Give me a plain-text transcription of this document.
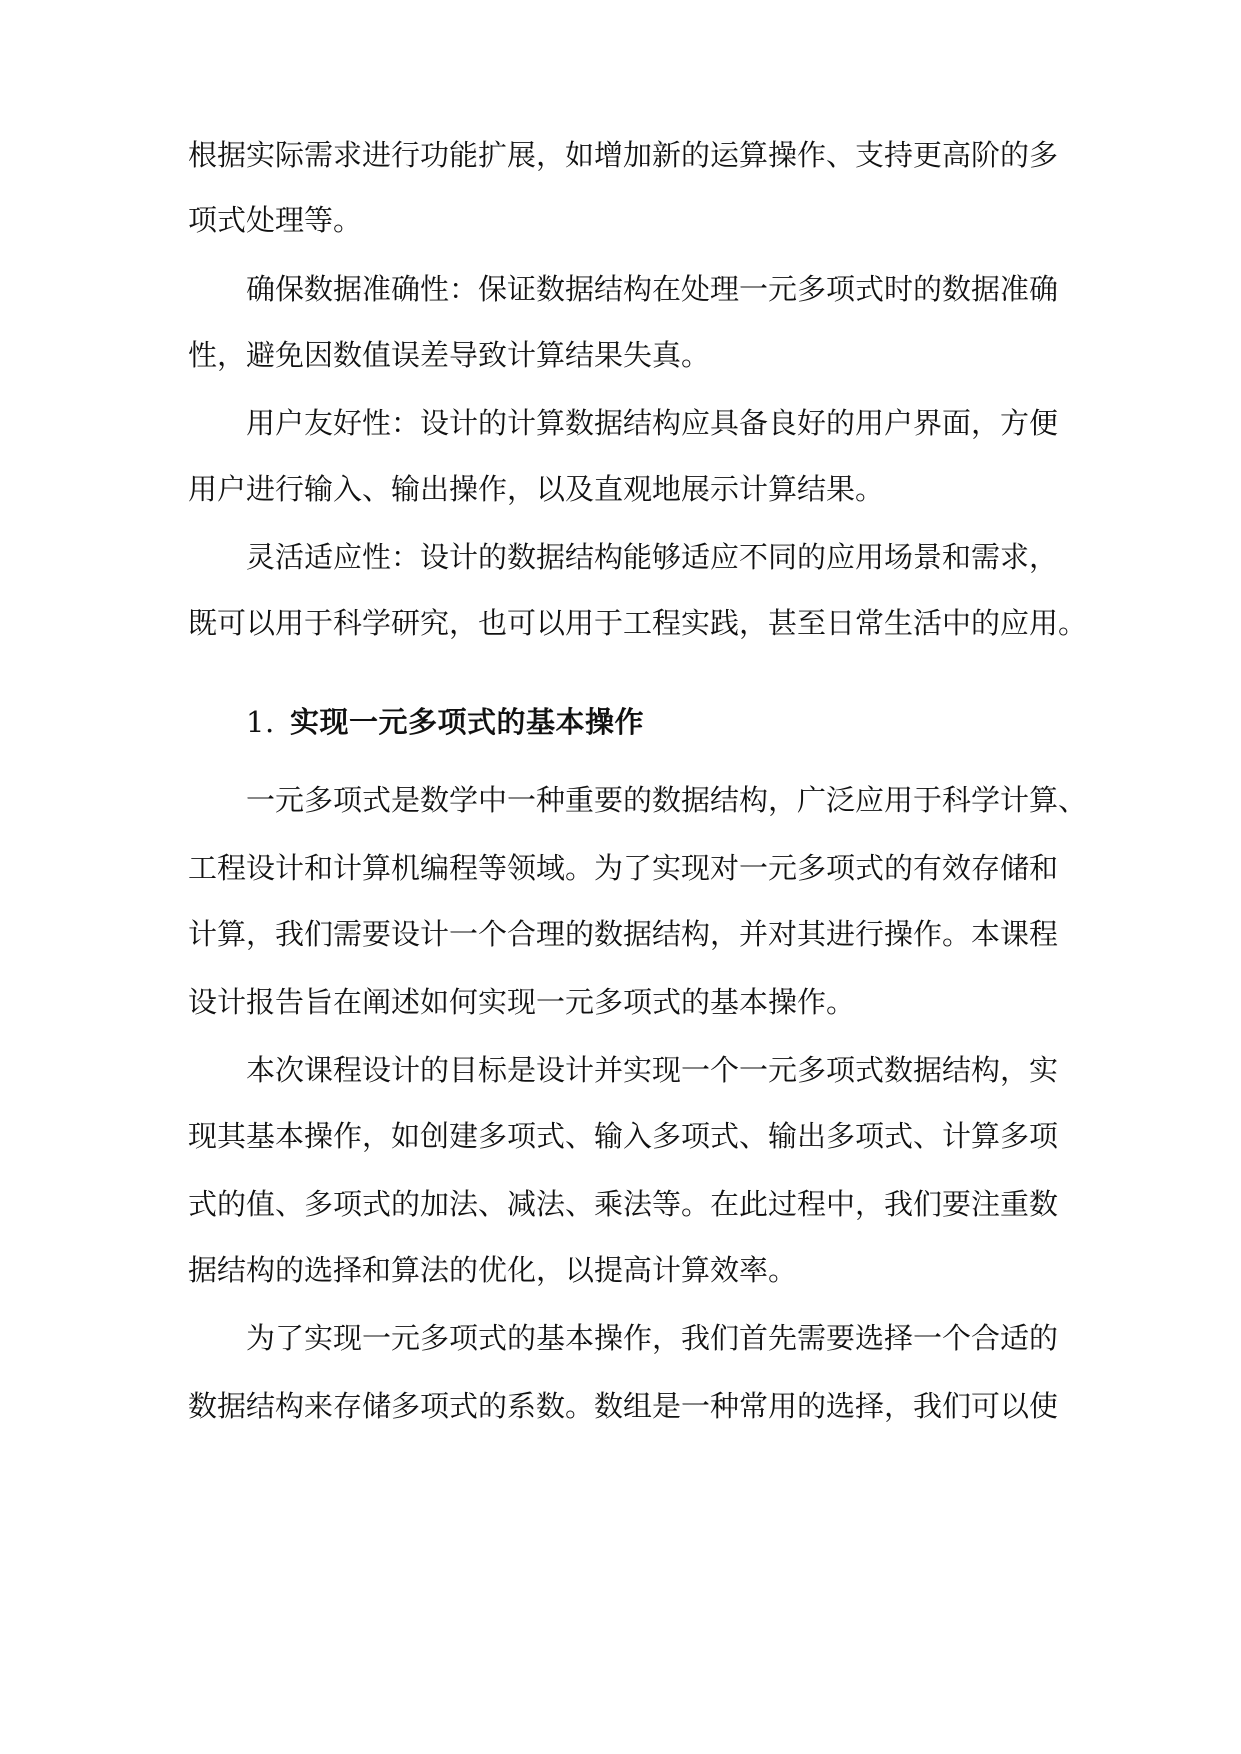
根据实际需求进行功能扩展，如增加新的运算操作、支持更高阶的多
项式处理等。
确保数据准确性：保证数据结构在处理一元多项式时的数据准确
性，避免因数值误差导致计算结果失真。
用户友好性：设计的计算数据结构应具备良好的用户界面，方便
用户进行输入、输出操作，以及直观地展示计算结果。
灵活适应性：设计的数据结构能够适应不同的应用场景和需求，
既可以用于科学研究，也可以用于工程实践，甚至日常生活中的应用。
1. 实现一元多项式的基本操作
一元多项式是数学中一种重要的数据结构，广泛应用于科学计算、
工程设计和计算机编程等领域。为了实现对一元多项式的有效存储和
计算，我们需要设计一个合理的数据结构，并对其进行操作。本课程
设计报告旨在阐述如何实现一元多项式的基本操作。
本次课程设计的目标是设计并实现一个一元多项式数据结构，实
现其基本操作，如创建多项式、输入多项式、输出多项式、计算多项
式的值、多项式的加法、减法、乘法等。在此过程中，我们要注重数
据结构的选择和算法的优化，以提高计算效率。
为了实现一元多项式的基本操作，我们首先需要选择一个合适的
数据结构来存储多项式的系数。数组是一种常用的选择，我们可以使
